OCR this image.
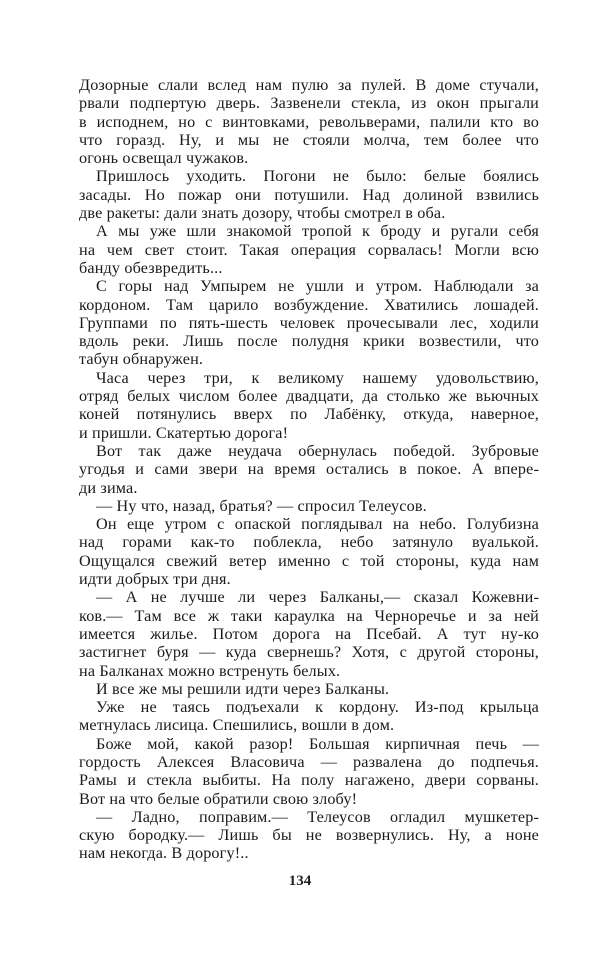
Дозорные слали вслед нам пулю за пулей. В доме стучали,
рвали подпертую дверь. Зазвенели стекла, из окон прыгали
в исподнем, но с винтовками, револьверами, палили кто во
что горазд. Ну, и мы не стояли молча, тем более что
огонь освещал чужаков.
Пришлось уходить. Погони не было: белые боялись
засады. Но пожар они потушили. Над долиной взвились
две ракеты: дали знать дозору, чтобы смотрел в оба.
А мы уже шли знакомой тропой к броду и ругали себя
на чем свет стоит. Такая операция сорвалась! Могли всю
банду обезвредить...
С горы над Умпырем не ушли и утром. Наблюдали за
кордоном. Там царило возбуждение. Хватились лошадей.
Группами по пять-шесть человек прочесывали лес, ходили
вдоль реки. Лишь после полудня крики возвестили, что
табун обнаружен.
Часа через три, к великому нашему удовольствию,
отряд белых числом более двадцати, да столько же вьючных
коней потянулись вверх по Лабёнку, откуда, наверное,
и пришли. Скатертью дорога!
Вот так даже неудача обернулась победой. Зубровые
угодья и сами звери на время остались в покое. А впере-
ди зима.
— Ну что, назад, братья? — спросил Телеусов.
Он еще утром с опаской поглядывал на небо. Голубизна
над горами как-то поблекла, небо затянуло вуалькой.
Ощущался свежий ветер именно с той стороны, куда нам
идти добрых три дня.
— А не лучше ли через Балканы,— сказал Кожевни-
ков.— Там все ж таки караулка на Черноречье и за ней
имеется жилье. Потом дорога на Псебай. А тут ну-ко
застигнет буря — куда свернешь? Хотя, с другой стороны,
на Балканах можно встренуть белых.
И все же мы решили идти через Балканы.
Уже не таясь подъехали к кордону. Из-под крыльца
метнулась лисица. Спешились, вошли в дом.
Боже мой, какой разор! Большая кирпичная печь —
гордость Алексея Власовича — развалена до подпечья.
Рамы и стекла выбиты. На полу нагажено, двери сорваны.
Вот на что белые обратили свою злобу!
— Ладно, поправим.— Телеусов огладил мушкетер-
скую бородку.— Лишь бы не возвернулись. Ну, а ноне
нам некогда. В дорогу!..
134
